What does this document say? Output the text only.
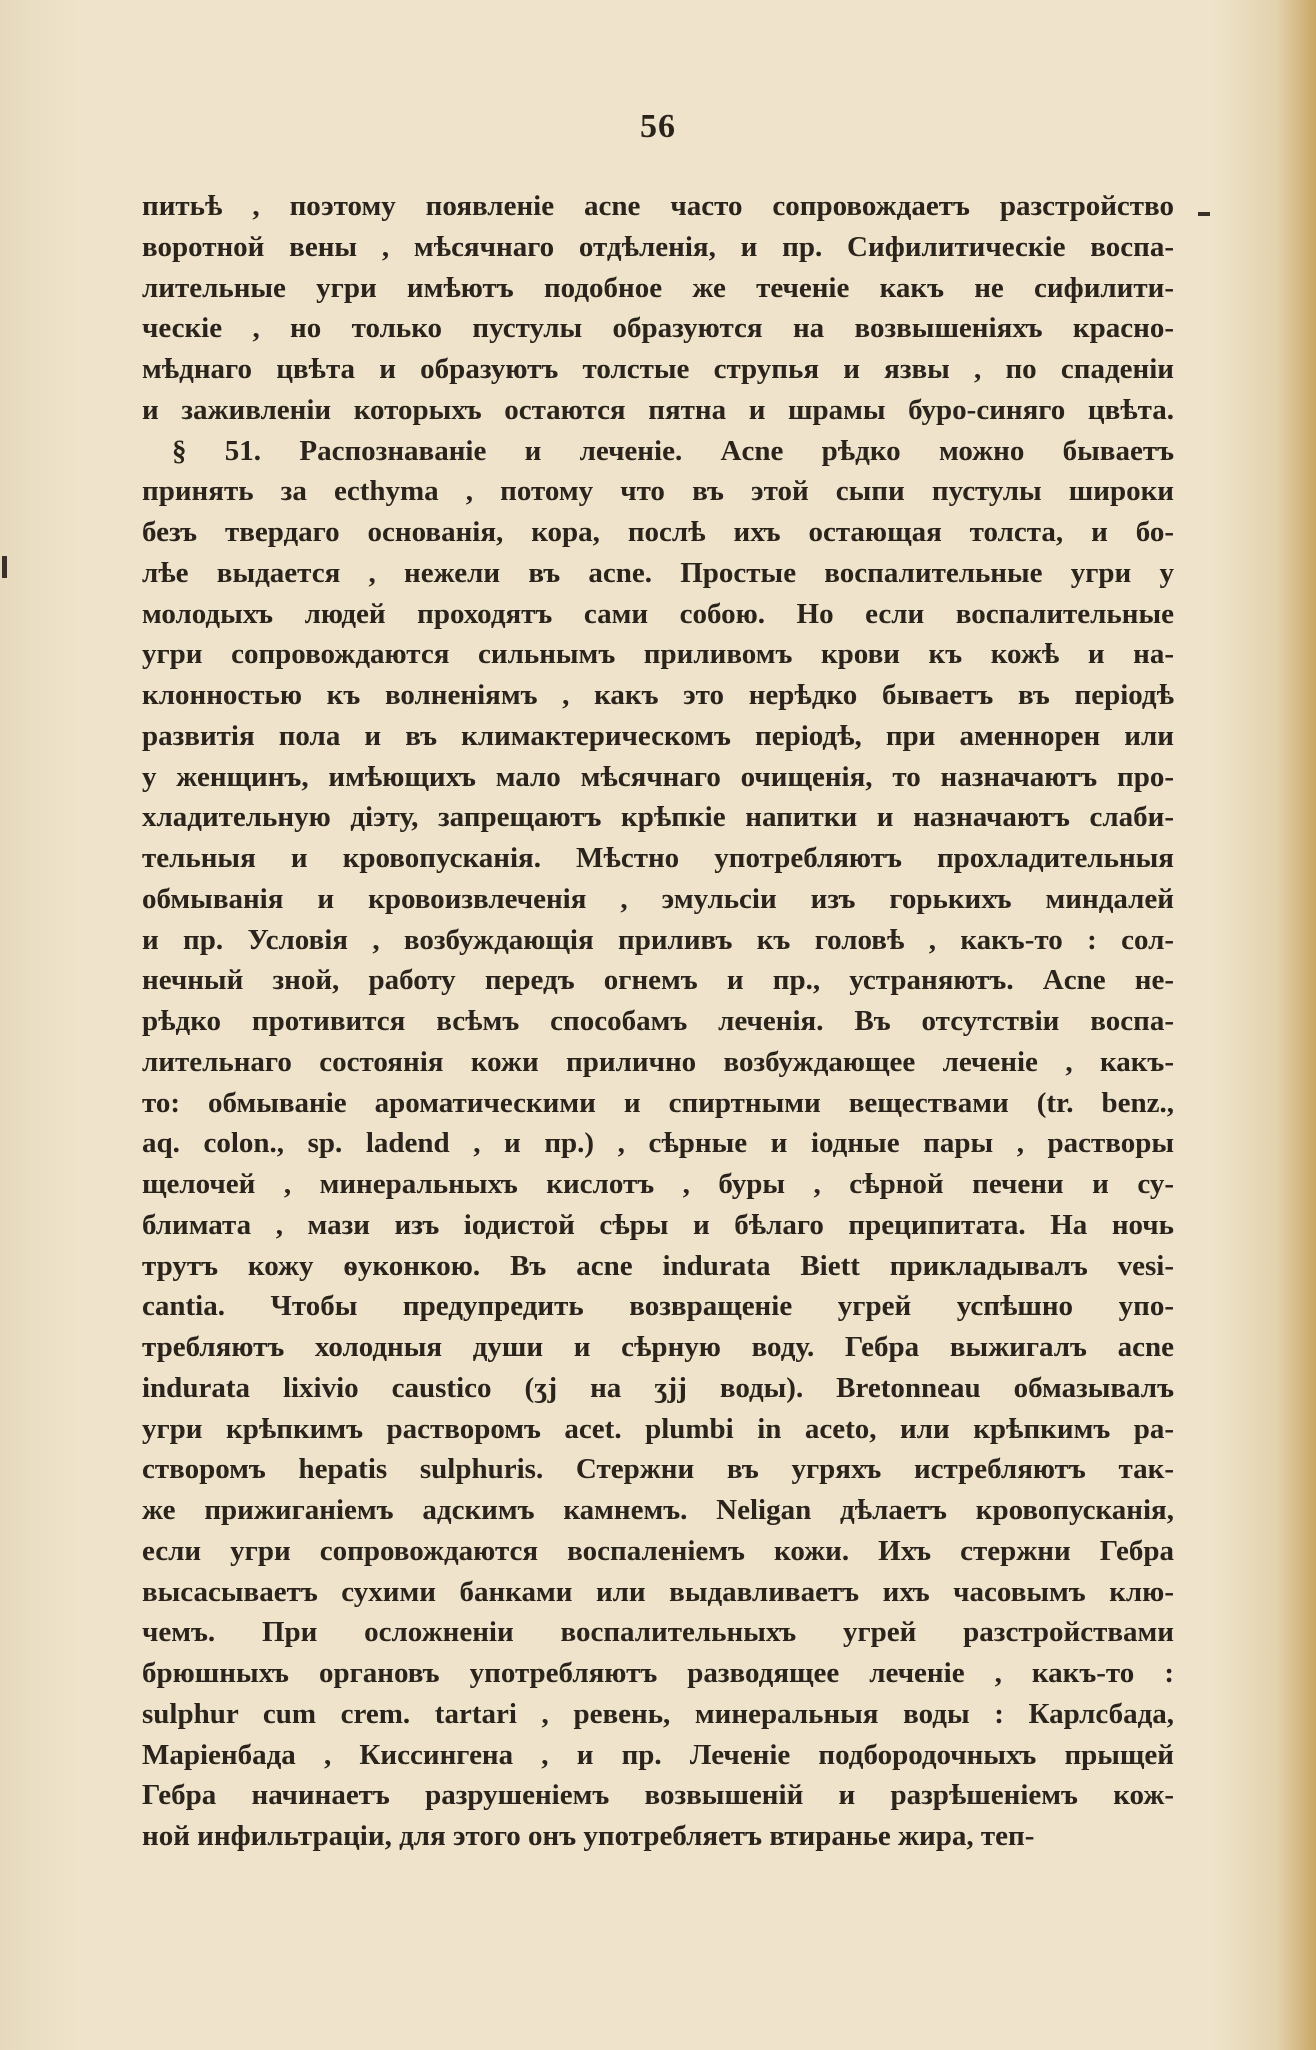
56
питьѣ , поэтому появленіе acne часто сопровождаетъ разстройство
воротной вены , мѣсячнаго отдѣленія, и пр. Сифилитическіе воспа-
лительные угри имѣютъ подобное же теченіе какъ не сифилити-
ческіе , но только пустулы образуются на возвышеніяхъ красно-
мѣднаго цвѣта и образуютъ толстые струпья и язвы , по спаденіи
и заживленіи которыхъ остаются пятна и шрамы буро-синяго цвѣта.
§ 51. Распознаваніе и леченіе. Acne рѣдко можно бываетъ
принять за ecthyma , потому что въ этой сыпи пустулы широки
безъ твердаго основанія, кора, послѣ ихъ остающая толста, и бо-
лѣе выдается , нежели въ acne. Простые воспалительные угри у
молодыхъ людей проходятъ сами собою. Но если воспалительные
угри сопровождаются сильнымъ приливомъ крови къ кожѣ и на-
клонностью къ волненіямъ , какъ это нерѣдко бываетъ въ періодѣ
развитія пола и въ климактерическомъ періодѣ, при аменнорен или
у женщинъ, имѣющихъ мало мѣсячнаго очищенія, то назначаютъ про-
хладительную діэту, запрещаютъ крѣпкіе напитки и назначаютъ слаби-
тельныя и кровопусканія. Мѣстно употребляютъ прохладительныя
обмыванія и кровоизвлеченія , эмульсіи изъ горькихъ миндалей
и пр. Условія , возбуждающія приливъ къ головѣ , какъ-то : сол-
нечный зной, работу передъ огнемъ и пр., устраняютъ. Acne не-
рѣдко противится всѣмъ способамъ леченія. Въ отсутствіи воспа-
лительнаго состоянія кожи прилично возбуждающее леченіе , какъ-
то: обмываніе ароматическими и спиртными веществами (tr. benz.,
aq. colon., sp. ladend , и пр.) , сѣрные и іодные пары , растворы
щелочей , минеральныхъ кислотъ , буры , сѣрной печени и су-
блимата , мази изъ іодистой сѣры и бѣлаго преципитата. На ночь
трутъ кожу ѳуконкою. Въ acne indurata Biett прикладывалъ vesi-
cantia. Чтобы предупредить возвращеніе угрей успѣшно упо-
требляютъ холодныя души и сѣрную воду. Гебра выжигалъ acne
indurata lixivio caustico (ʒj на ʒjj воды). Bretonneau обмазывалъ
угри крѣпкимъ растворомъ acet. plumbi in aceto, или крѣпкимъ ра-
створомъ hepatis sulphuris. Стержни въ угряхъ истребляютъ так-
же прижиганіемъ адскимъ камнемъ. Neligan дѣлаетъ кровопусканія,
если угри сопровождаются воспаленіемъ кожи. Ихъ стержни Гебра
высасываетъ сухими банками или выдавливаетъ ихъ часовымъ клю-
чемъ. При осложненіи воспалительныхъ угрей разстройствами
брюшныхъ органовъ употребляютъ разводящее леченіе , какъ-то :
sulphur cum crem. tartari , ревень, минеральныя воды : Карлсбада,
Маріенбада , Киссингена , и пр. Леченіе подбородочныхъ прыщей
Гебра начинаетъ разрушеніемъ возвышеній и разрѣшеніемъ кож-
ной инфильтраціи, для этого онъ употребляетъ втиранье жира, теп-
